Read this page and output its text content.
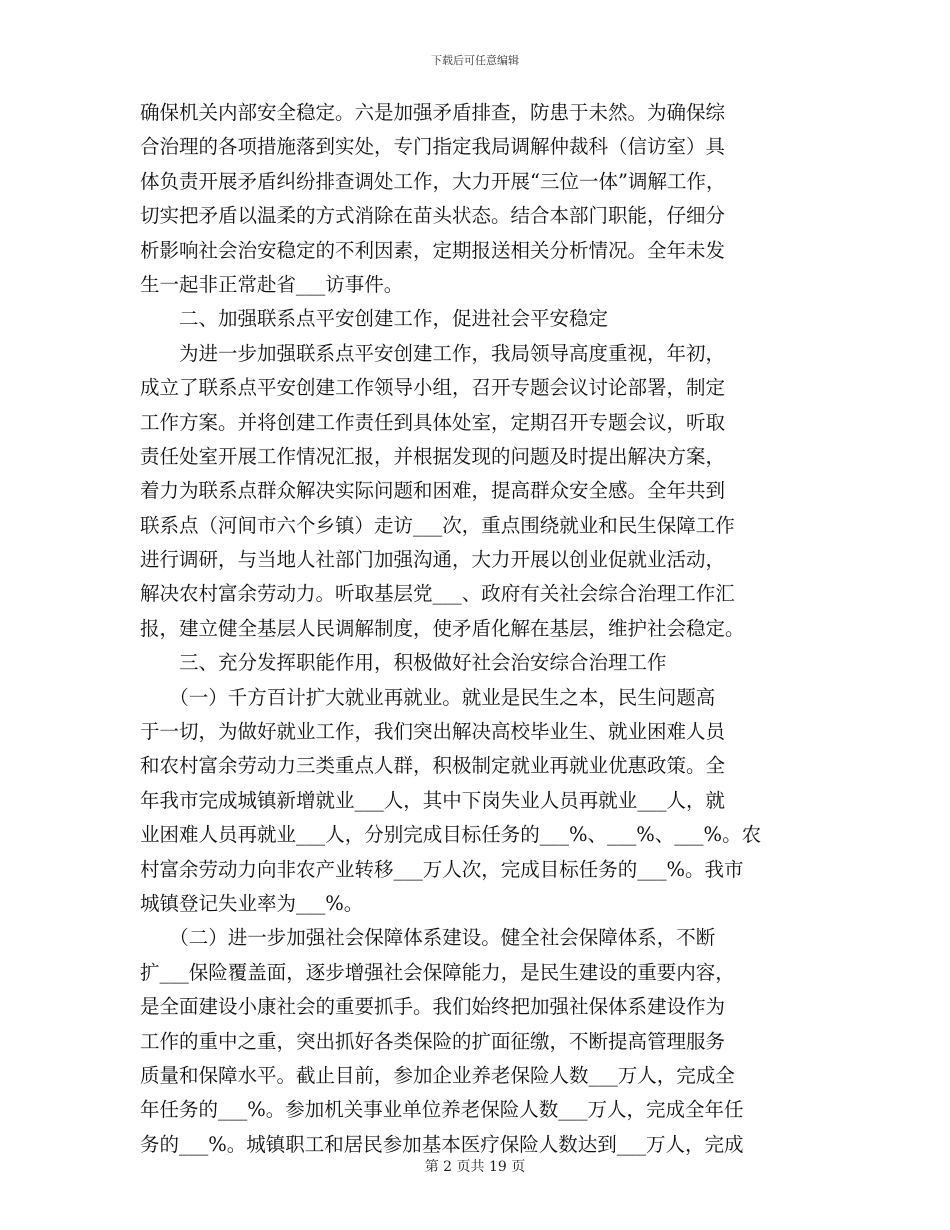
下载后可任意编辑
确保机关内部安全稳定。六是加强矛盾排查，防患于未然。为确保综
合治理的各项措施落到实处，专门指定我局调解仲裁科（信访室）具
体负责开展矛盾纠纷排查调处工作，大力开展“三位一体”调解工作，
切实把矛盾以温柔的方式消除在苗头状态。结合本部门职能，仔细分
析影响社会治安稳定的不利因素，定期报送相关分析情况。全年未发
生一起非正常赴省___访事件。
　　二、加强联系点平安创建工作，促进社会平安稳定
　　为进一步加强联系点平安创建工作，我局领导高度重视，年初，
成立了联系点平安创建工作领导小组，召开专题会议讨论部署，制定
工作方案。并将创建工作责任到具体处室，定期召开专题会议，听取
责任处室开展工作情况汇报，并根据发现的问题及时提出解决方案，
着力为联系点群众解决实际问题和困难，提高群众安全感。全年共到
联系点（河间市六个乡镇）走访___次，重点围绕就业和民生保障工作
进行调研，与当地人社部门加强沟通，大力开展以创业促就业活动，
解决农村富余劳动力。听取基层党___、政府有关社会综合治理工作汇
报，建立健全基层人民调解制度，使矛盾化解在基层，维护社会稳定。
　　三、充分发挥职能作用，积极做好社会治安综合治理工作
　　（一）千方百计扩大就业再就业。就业是民生之本，民生问题高
于一切，为做好就业工作，我们突出解决高校毕业生、就业困难人员
和农村富余劳动力三类重点人群，积极制定就业再就业优惠政策。全
年我市完成城镇新增就业___人，其中下岗失业人员再就业___人，就
业困难人员再就业___人，分别完成目标任务的___%、___%、___%。农
村富余劳动力向非农产业转移___万人次，完成目标任务的___%。我市
城镇登记失业率为___%。
　　（二）进一步加强社会保障体系建设。健全社会保障体系，不断
扩___保险覆盖面，逐步增强社会保障能力，是民生建设的重要内容，
是全面建设小康社会的重要抓手。我们始终把加强社保体系建设作为
工作的重中之重，突出抓好各类保险的扩面征缴，不断提高管理服务
质量和保障水平。截止目前，参加企业养老保险人数___万人，完成全
年任务的___%。参加机关事业单位养老保险人数___万人，完成全年任
务的___%。城镇职工和居民参加基本医疗保险人数达到___万人，完成
第 2 页共 19 页
